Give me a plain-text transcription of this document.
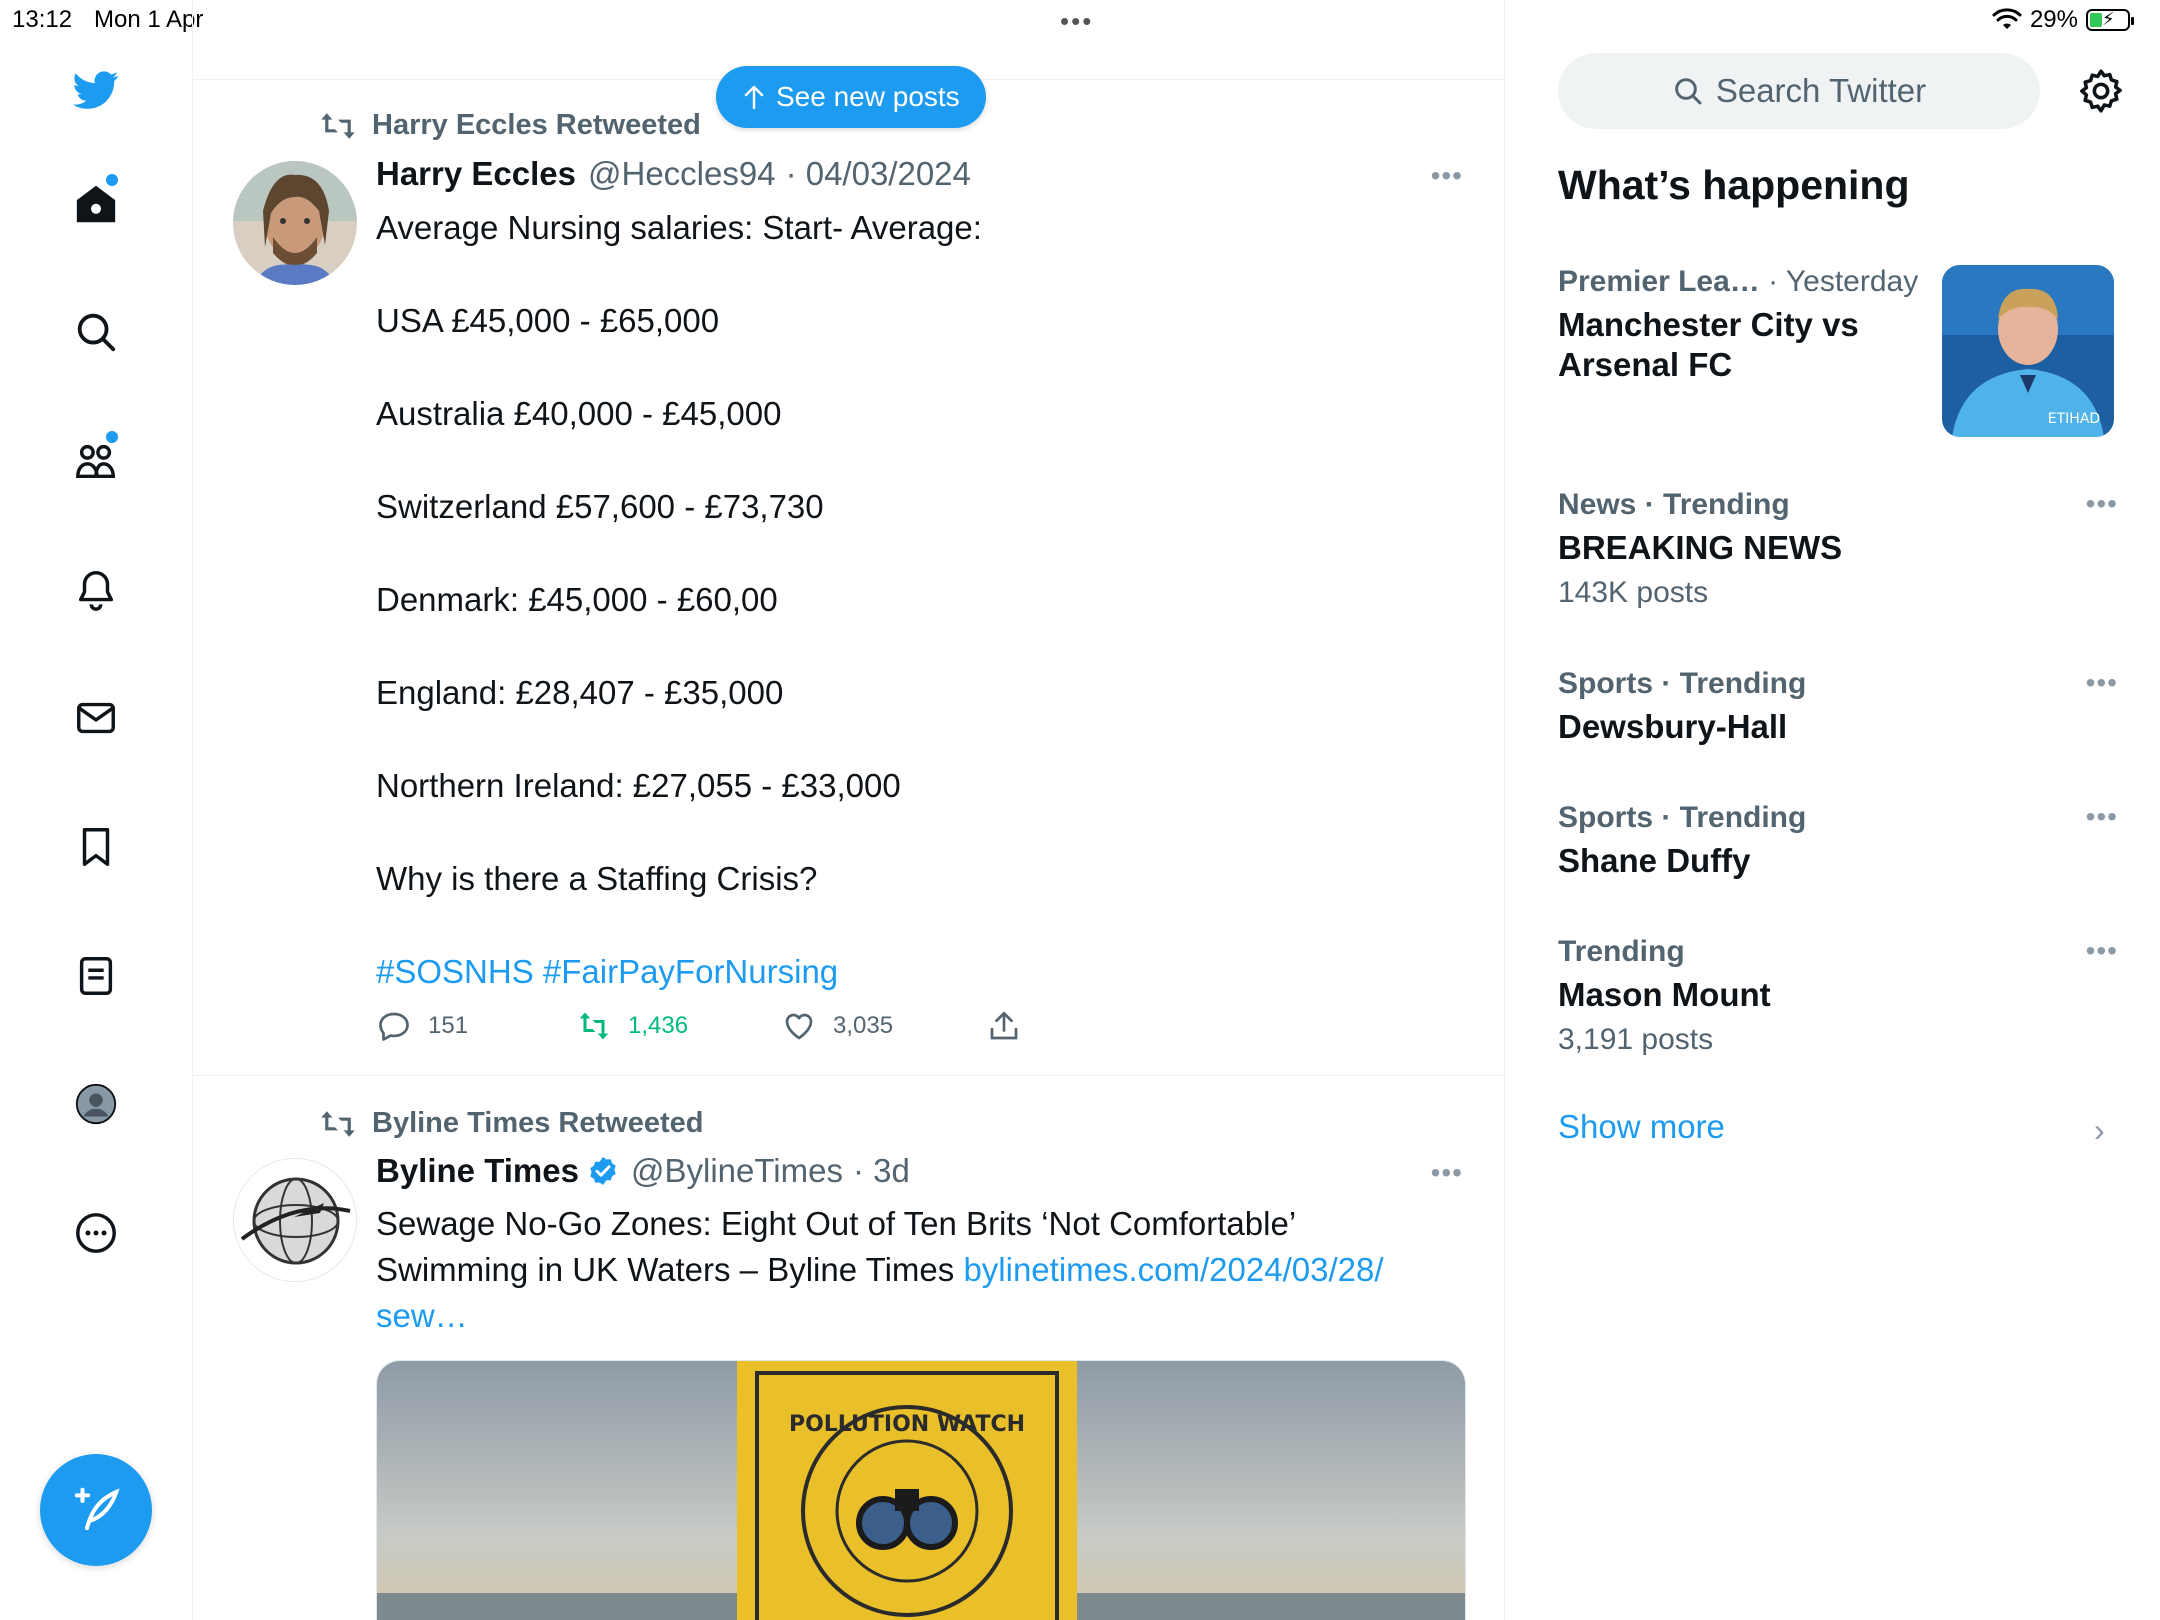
13:12 Mon 1 Apr	•••	29% ⚡
See new posts
Harry Eccles Retweeted
Harry Eccles @Heccles94 · 04/03/2024	•••

Average Nursing salaries: Start- Average:

USA £45,000 - £65,000

Australia £40,000 - £45,000

Switzerland £57,600 - £73,730

Denmark: £45,000 - £60,00

England: £28,407 - £35,000

Northern Ireland: £27,055 - £33,000

Why is there a Staffing Crisis?

#SOSNHS #FairPayForNursing

151	1,436	3,035
Byline Times Retweeted
Byline Times @BylineTimes · 3d	•••

Sewage No-Go Zones: Eight Out of Ten Brits ‘Not Comfortable’

Swimming in UK Waters – Byline Times bylinetimes.com/2024/03/28/

sew…

POLLUTION WATCH
Search Twitter
What’s happening
Premier Lea… · Yesterday
Manchester City vs
Arsenal FC
ETIHAD
News · Trending
BREAKING NEWS
143K posts
•••
Sports · Trending
Dewsbury-Hall
•••
Sports · Trending
Shane Duffy
•••
Trending
Mason Mount
3,191 posts
•••
Show more	›
